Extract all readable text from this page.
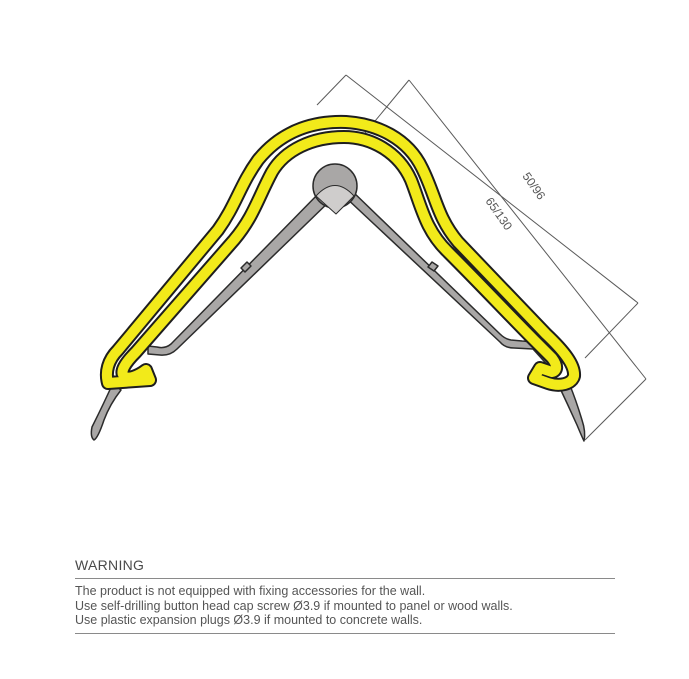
50/96
65/130
WARNING
The product is not equipped with fixing accessories for the wall.
Use self-drilling button head cap screw Ø3.9 if mounted to panel or wood walls.
Use plastic expansion plugs Ø3.9 if mounted to concrete walls.
